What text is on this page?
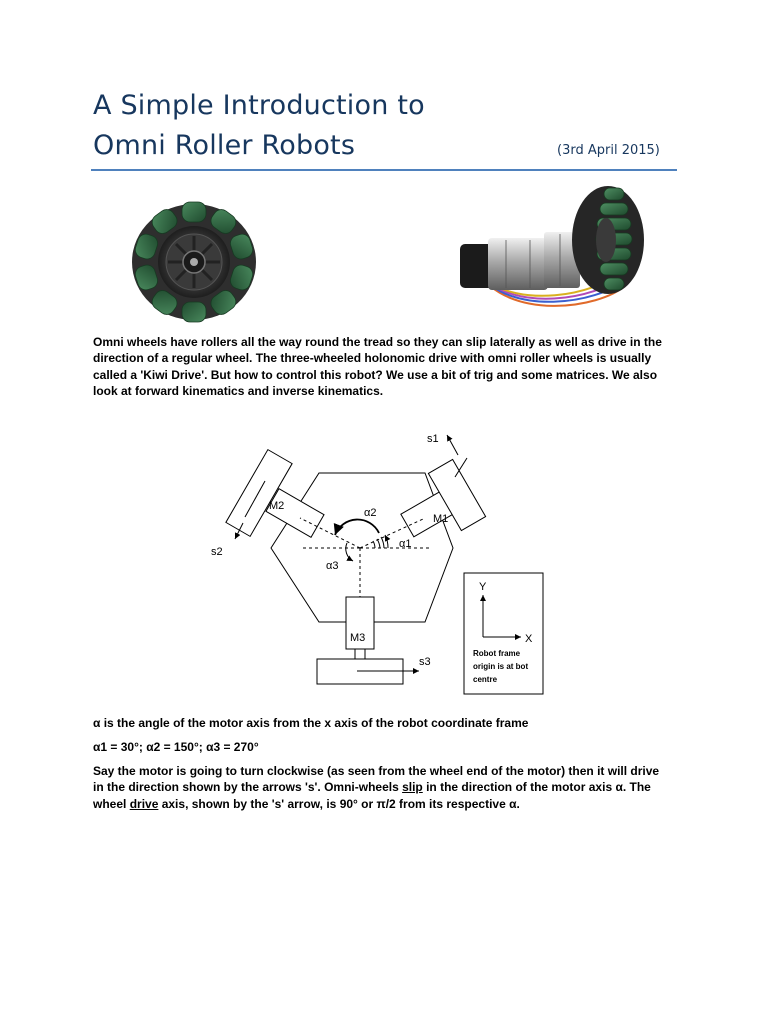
A Simple Introduction to
Omni Roller Robots	(3rd April 2015)

Omni wheels have rollers all the way round the tread so they can slip laterally as well as drive in the
direction of a regular wheel. The three-wheeled holonomic drive with omni roller wheels is usually
called a 'Kiwi Drive'. But how to control this robot? We use a bit of trig and some matrices. We also
look at forward kinematics and inverse kinematics.

M1
M2
M3
s1
s2
s3
α1
α2
α3
Y
X
Robot frame
origin is at bot
centre

α is the angle of the motor axis from the x axis of the robot coordinate frame

α1 = 30°; α2 = 150°; α3 = 270°

Say the motor is going to turn clockwise (as seen from the wheel end of the motor) then it will drive
in the direction shown by the arrows 's'. Omni-wheels slip in the direction of the motor axis α. The
wheel drive axis, shown by the 's' arrow, is 90° or π/2 from its respective α.
